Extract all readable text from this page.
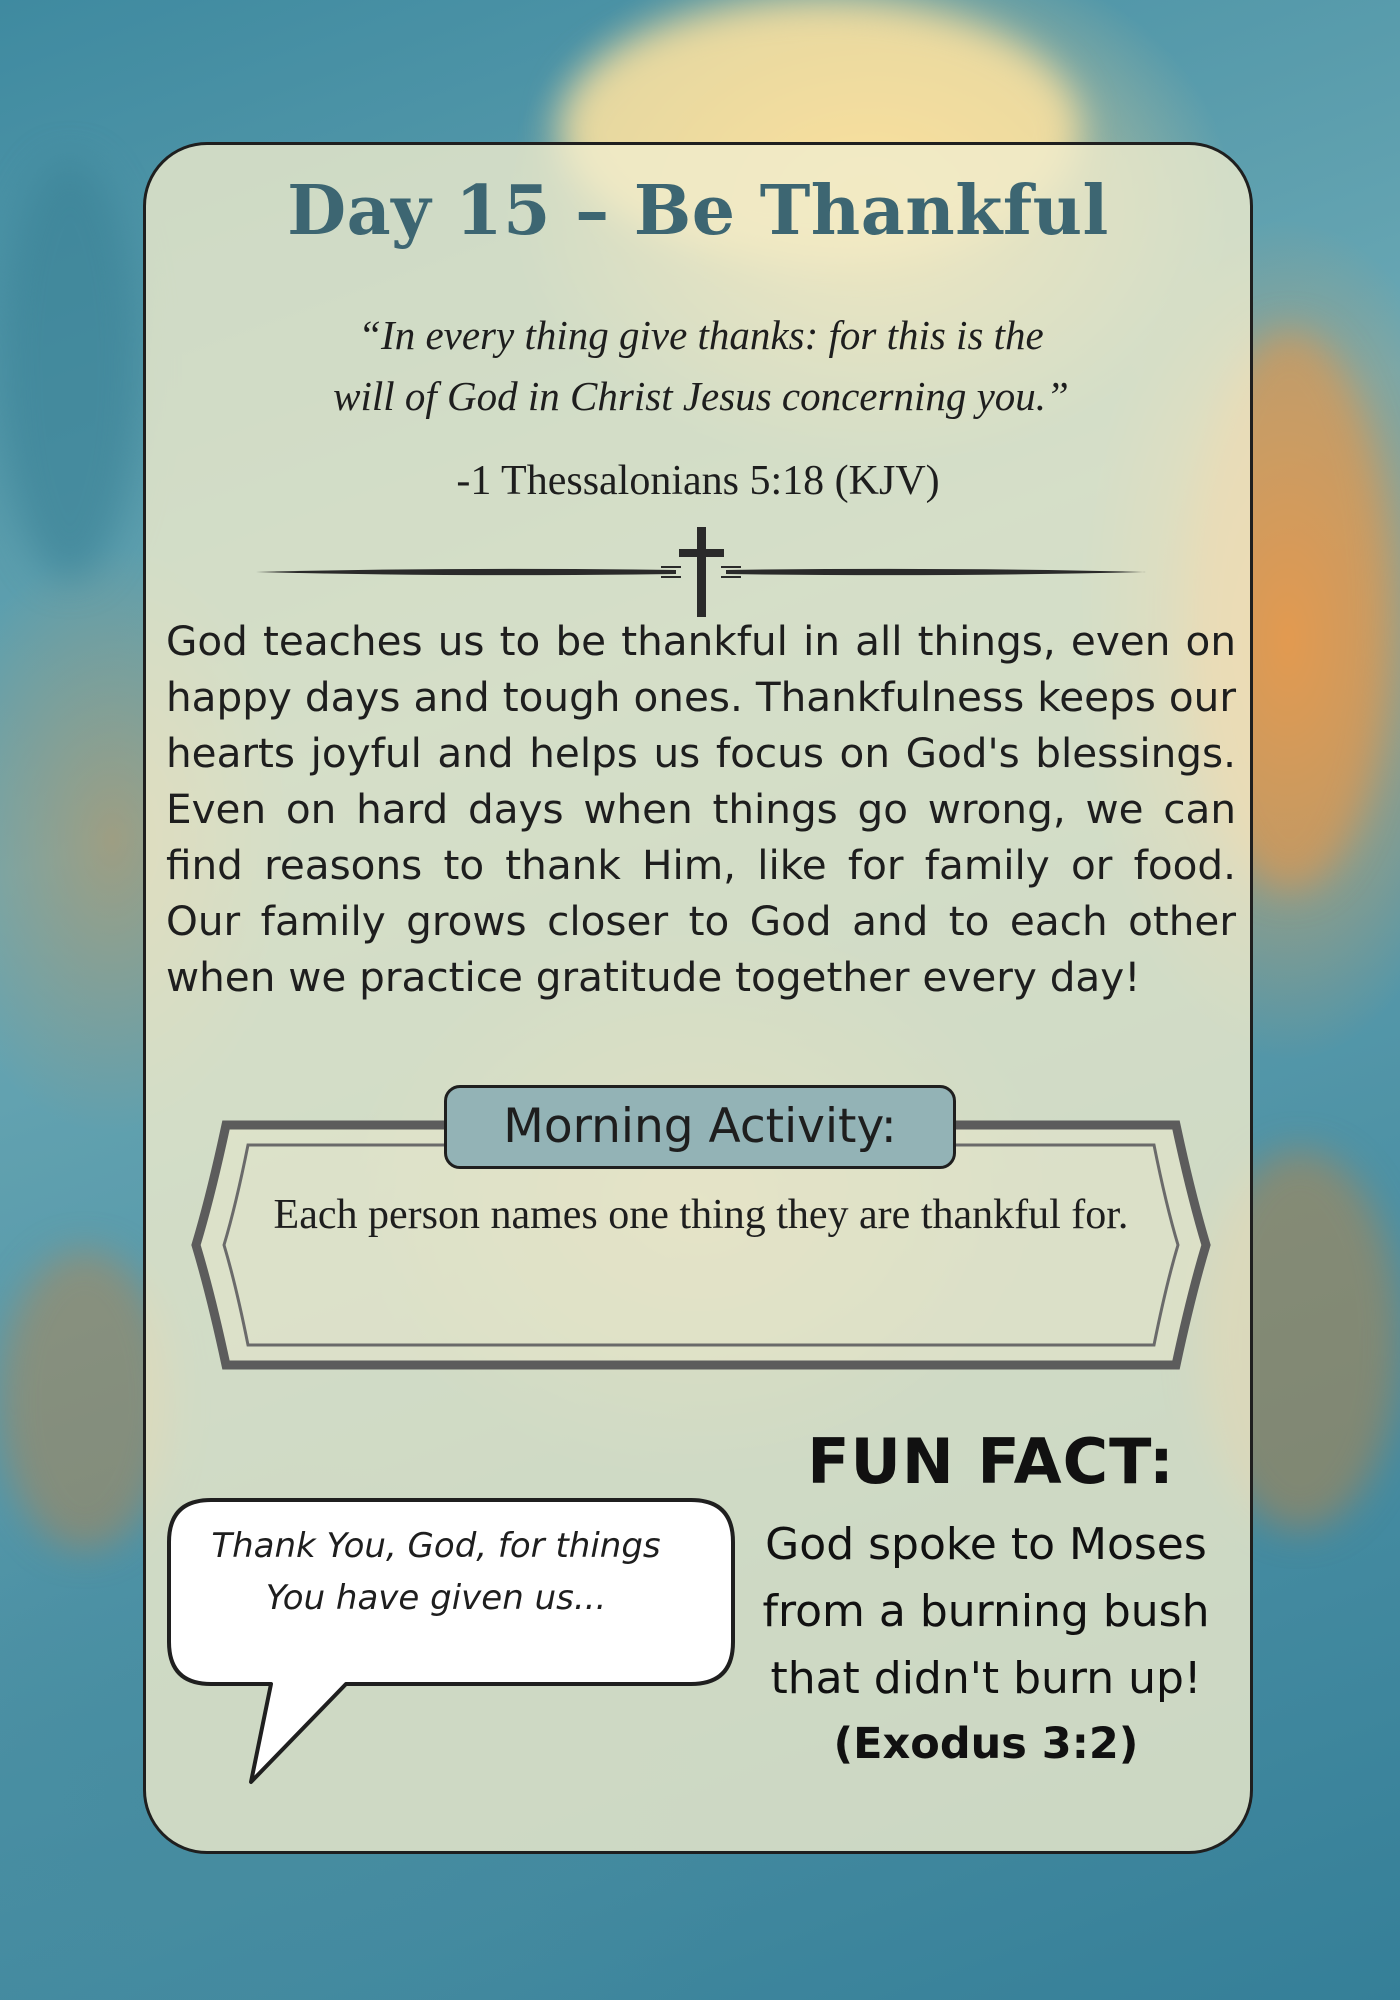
Day 15 – Be Thankful

“In every thing give thanks: for this is the
will of God in Christ Jesus concerning you.”

-1 Thessalonians 5:18 (KJV)

God teaches us to be thankful in all things, even on happy days and tough ones. Thankfulness keeps our hearts joyful and helps us focus on God's blessings. Even on hard days when things go wrong, we can find reasons to thank Him, like for family or food. Our family grows closer to God and to each other when we practice gratitude together every day!

Morning Activity:

Each person names one thing they are thankful for.

Thank You, God, for things
You have given us...

FUN FACT:

God spoke to Moses
from a burning bush
that didn't burn up!

(Exodus 3:2)
